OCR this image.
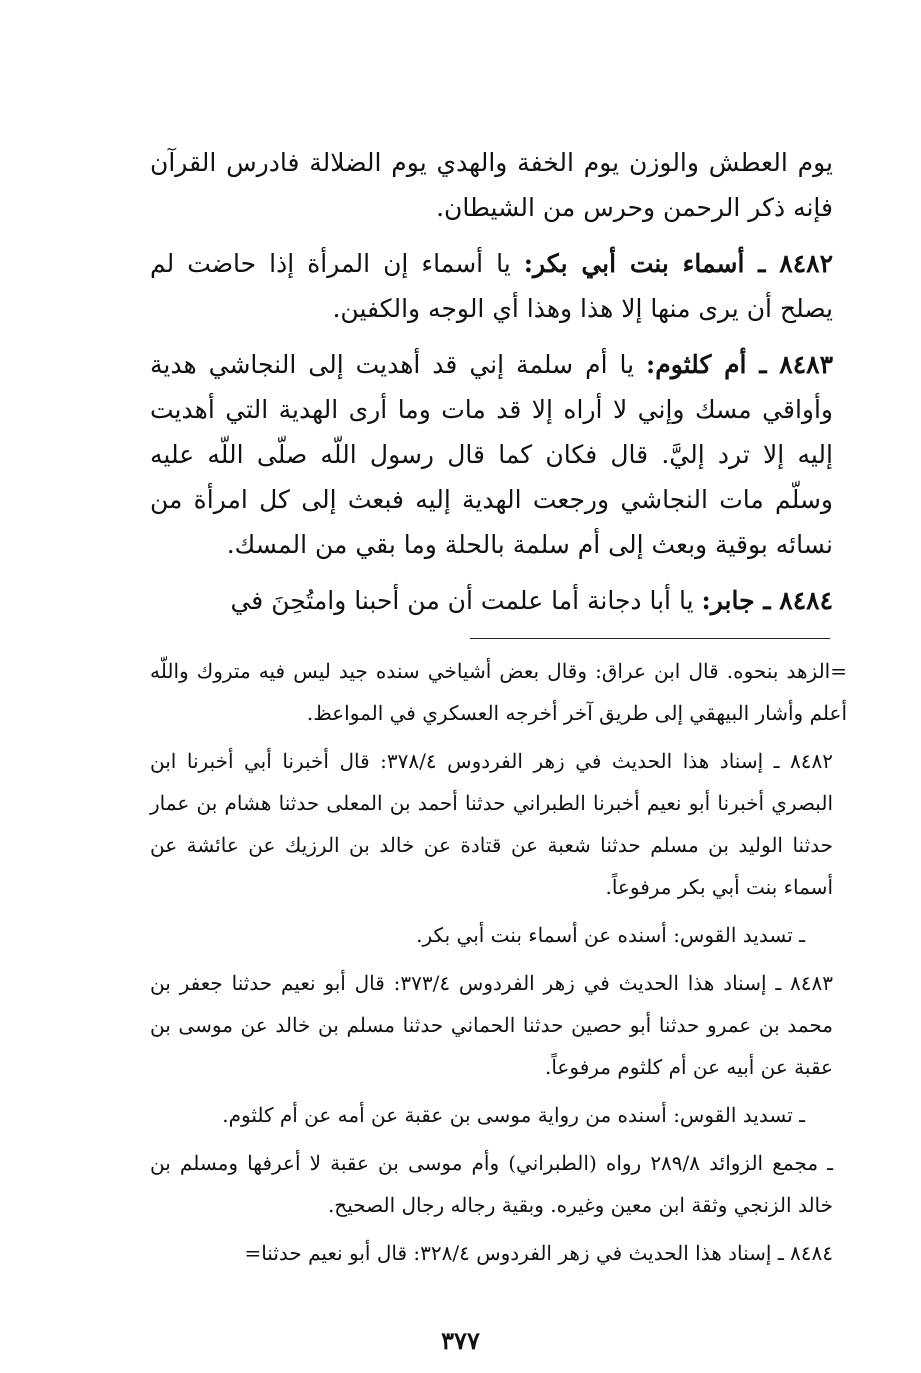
يوم العطش والوزن يوم الخفة والهدي يوم الضلالة فادرس القرآن فإنه ذكر الرحمن وحرس من الشيطان.

٨٤٨٢ ـ أسماء بنت أبي بكر: يا أسماء إن المرأة إذا حاضت لم يصلح أن يرى منها إلا هذا وهذا أي الوجه والكفين.

٨٤٨٣ ـ أم كلثوم: يا أم سلمة إني قد أهديت إلى النجاشي هدية وأواقي مسك وإني لا أراه إلا قد مات وما أرى الهدية التي أهديت إليه إلا ترد إليَّ. قال فكان كما قال رسول اللّه صلّى اللّه عليه وسلّم مات النجاشي ورجعت الهدية إليه فبعث إلى كل امرأة من نسائه بوقية وبعث إلى أم سلمة بالحلة وما بقي من المسك.

٨٤٨٤ ـ جابر: يا أبا دجانة أما علمت أن من أحبنا وامتُحِنَ في

=الزهد بنحوه. قال ابن عراق: وقال بعض أشياخي سنده جيد ليس فيه متروك واللّه أعلم وأشار البيهقي إلى طريق آخر أخرجه العسكري في المواعظ.

٨٤٨٢ ـ إسناد هذا الحديث في زهر الفردوس ٣٧٨/٤: قال أخبرنا أبي أخبرنا ابن البصري أخبرنا أبو نعيم أخبرنا الطبراني حدثنا أحمد بن المعلى حدثنا هشام بن عمار حدثنا الوليد بن مسلم حدثنا شعبة عن قتادة عن خالد بن الرزيك عن عائشة عن أسماء بنت أبي بكر مرفوعاً.

ـ تسديد القوس: أسنده عن أسماء بنت أبي بكر.

٨٤٨٣ ـ إسناد هذا الحديث في زهر الفردوس ٣٧٣/٤: قال أبو نعيم حدثنا جعفر بن محمد بن عمرو حدثنا أبو حصين حدثنا الحماني حدثنا مسلم بن خالد عن موسى بن عقبة عن أبيه عن أم كلثوم مرفوعاً.

ـ تسديد القوس: أسنده من رواية موسى بن عقبة عن أمه عن أم كلثوم.

ـ مجمع الزوائد ٢٨٩/٨ رواه (الطبراني) وأم موسى بن عقبة لا أعرفها ومسلم بن خالد الزنجي وثقة ابن معين وغيره. وبقية رجاله رجال الصحيح.

٨٤٨٤ ـ إسناد هذا الحديث في زهر الفردوس ٣٢٨/٤: قال أبو نعيم حدثنا=

٣٧٧
